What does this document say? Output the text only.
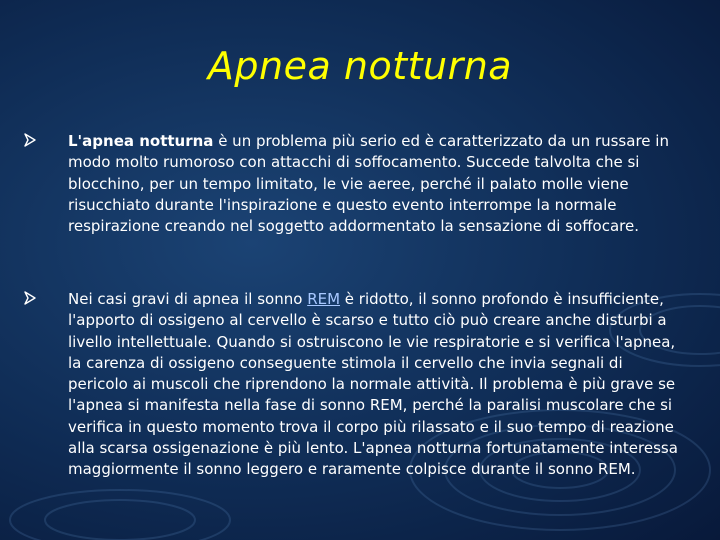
Apnea notturna
L'apnea notturna è un problema più serio ed è caratterizzato da un russare in modo molto rumoroso con attacchi di soffocamento. Succede talvolta che si blocchino, per un tempo limitato, le vie aeree, perché il palato molle viene risucchiato durante l'inspirazione e questo evento interrompe la normale respirazione creando nel soggetto addormentato la sensazione di soffocare.
Nei casi gravi di apnea il sonno REM è ridotto, il sonno profondo è insufficiente, l'apporto di ossigeno al cervello è scarso e tutto ciò può creare anche disturbi a livello intellettuale. Quando si ostruiscono le vie respiratorie e si verifica l'apnea, la carenza di ossigeno conseguente stimola il cervello che invia segnali di pericolo ai muscoli che riprendono la normale attività. Il problema è più grave se l'apnea si manifesta nella fase di sonno REM, perché la paralisi muscolare che si verifica in questo momento trova il corpo più rilassato e il suo tempo di reazione alla scarsa ossigenazione è più lento. L'apnea notturna fortunatamente interessa maggiormente il sonno leggero e raramente colpisce durante il sonno REM.
